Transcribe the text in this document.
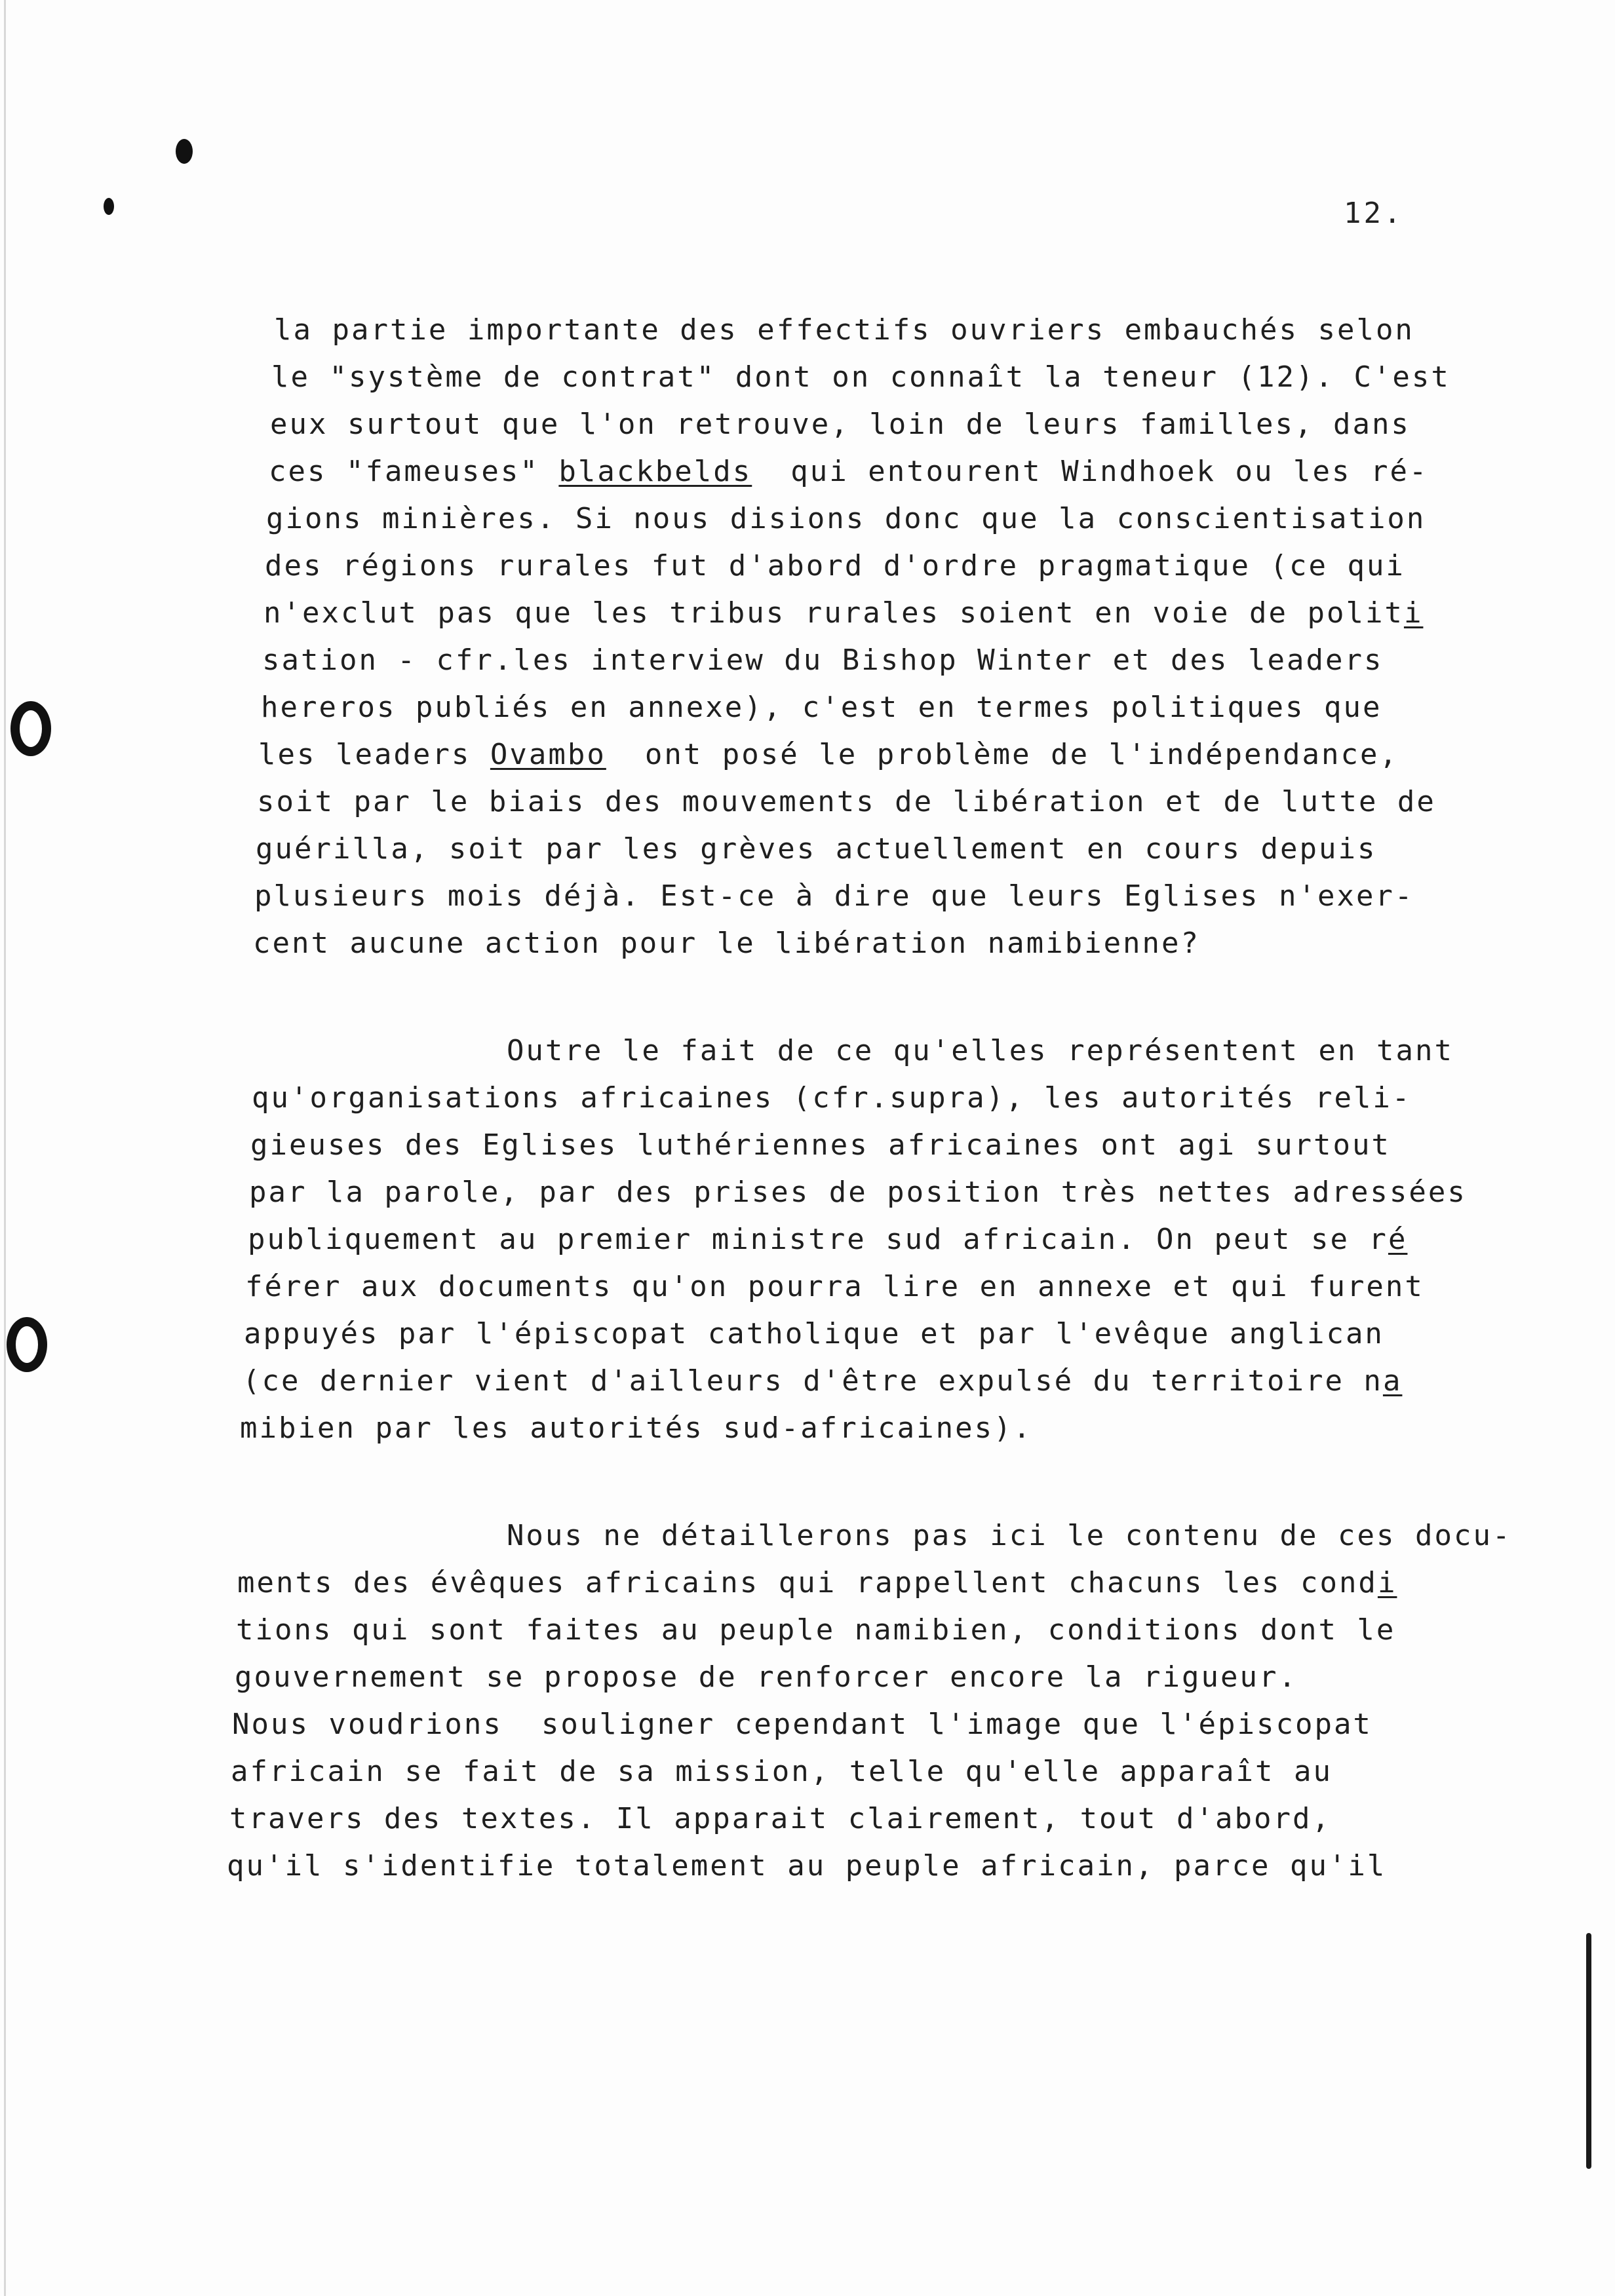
12.
la partie importante des effectifs ouvriers embauchés selon
le "système de contrat" dont on connaît la teneur (12). C'est
eux surtout que l'on retrouve, loin de leurs familles, dans
ces "fameuses" blackbelds  qui entourent Windhoek ou les ré-
gions minières. Si nous disions donc que la conscientisation
des régions rurales fut d'abord d'ordre pragmatique (ce qui
n'exclut pas que les tribus rurales soient en voie de politi
sation - cfr.les interview du Bishop Winter et des leaders
hereros publiés en annexe), c'est en termes politiques que
les leaders Ovambo  ont posé le problème de l'indépendance,
soit par le biais des mouvements de libération et de lutte de
guérilla, soit par les grèves actuellement en cours depuis
plusieurs mois déjà. Est-ce à dire que leurs Eglises n'exer-
cent aucune action pour le libération namibienne?
Outre le fait de ce qu'elles représentent en tant
qu'organisations africaines (cfr.supra), les autorités reli-
gieuses des Eglises luthériennes africaines ont agi surtout
par la parole, par des prises de position très nettes adressées
publiquement au premier ministre sud africain. On peut se ré
férer aux documents qu'on pourra lire en annexe et qui furent
appuyés par l'épiscopat catholique et par l'evêque anglican
(ce dernier vient d'ailleurs d'être expulsé du territoire na
mibien par les autorités sud-africaines).
Nous ne détaillerons pas ici le contenu de ces docu-
ments des évêques africains qui rappellent chacuns les condi
tions qui sont faites au peuple namibien, conditions dont le
gouvernement se propose de renforcer encore la rigueur.
Nous voudrions  souligner cependant l'image que l'épiscopat
africain se fait de sa mission, telle qu'elle apparaît au
travers des textes. Il apparait clairement, tout d'abord,
qu'il s'identifie totalement au peuple africain, parce qu'il
